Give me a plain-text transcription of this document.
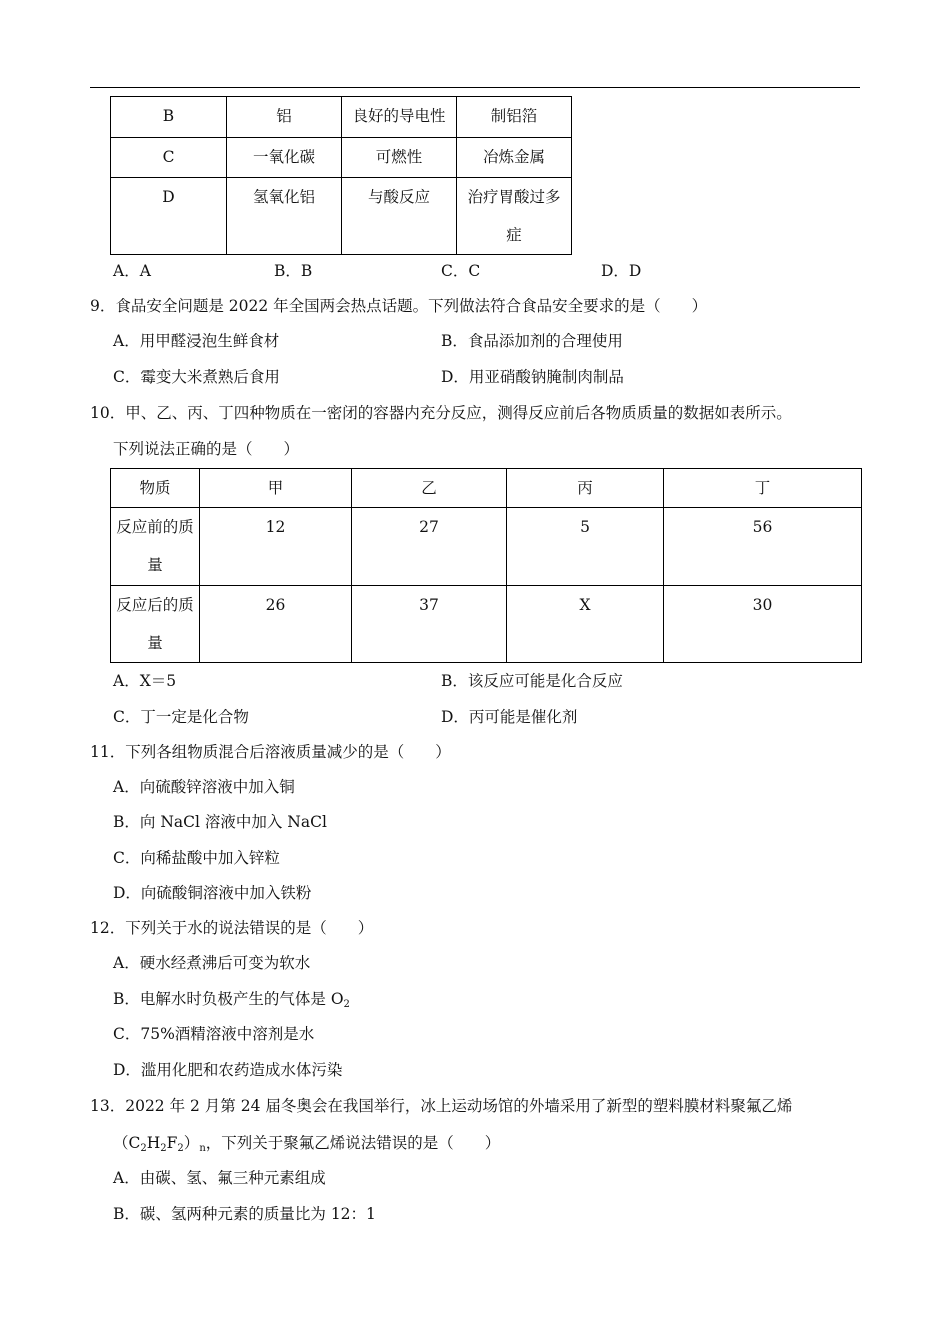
B	铝	良好的导电性	制铝箔

C	一氧化碳	可燃性	冶炼金属

D	氢氧化铝	与酸反应	治疗胃酸过多
症
A．A	B．B	C．C	D．D
9．食品安全问题是 2022 年全国两会热点话题。下列做法符合食品安全要求的是（　　）
A．用甲醛浸泡生鲜食材	B．食品添加剂的合理使用
C．霉变大米煮熟后食用	D．用亚硝酸钠腌制肉制品
10．甲、乙、丙、丁四种物质在一密闭的容器内充分反应，测得反应前后各物质质量的数据如表所示。
下列说法正确的是（　　）
物质	甲	乙	丙	丁

反应前的质
量	12	27	5	56

反应后的质
量	26	37	X	30
A．X＝5	B．该反应可能是化合反应
C．丁一定是化合物	D．丙可能是催化剂
11．下列各组物质混合后溶液质量减少的是（　　）
A．向硫酸锌溶液中加入铜
B．向 NaCl 溶液中加入 NaCl
C．向稀盐酸中加入锌粒
D．向硫酸铜溶液中加入铁粉
12．下列关于水的说法错误的是（　　）
A．硬水经煮沸后可变为软水
B．电解水时负极产生的气体是 $O_2$
C．75%酒精溶液中溶剂是水
D．滥用化肥和农药造成水体污染
13．2022 年 2 月第 24 届冬奥会在我国举行，冰上运动场馆的外墙采用了新型的塑料膜材料聚氟乙烯
$(C_2H_2F_2)_n$，下列关于聚氟乙烯说法错误的是（　　）
A．由碳、氢、氟三种元素组成
B．碳、氢两种元素的质量比为 12：1
